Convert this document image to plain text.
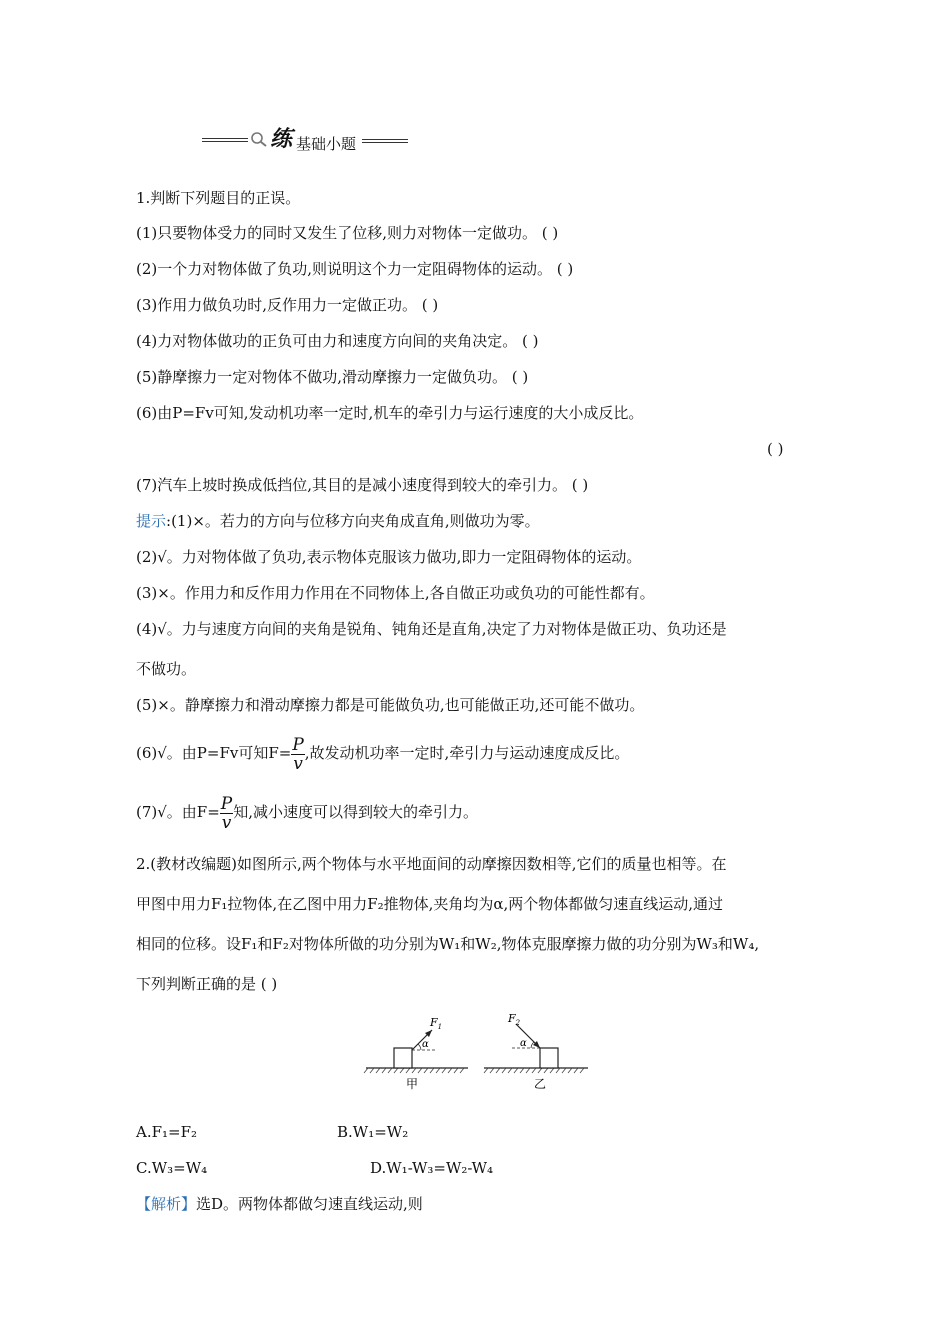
练 基础小题
1.判断下列题目的正误。
(1)只要物体受力的同时又发生了位移,则力对物体一定做功。 ( )
(2)一个力对物体做了负功,则说明这个力一定阻碍物体的运动。 ( )
(3)作用力做负功时,反作用力一定做正功。 ( )
(4)力对物体做功的正负可由力和速度方向间的夹角决定。 ( )
(5)静摩擦力一定对物体不做功,滑动摩擦力一定做负功。 ( )
(6)由P=Fv可知,发动机功率一定时,机车的牵引力与运行速度的大小成反比。
( )
(7)汽车上坡时换成低挡位,其目的是减小速度得到较大的牵引力。 ( )
提示:(1)×。若力的方向与位移方向夹角成直角,则做功为零。
(2)√。力对物体做了负功,表示物体克服该力做功,即力一定阻碍物体的运动。
(3)×。作用力和反作用力作用在不同物体上,各自做正功或负功的可能性都有。
(4)√。力与速度方向间的夹角是锐角、钝角还是直角,决定了力对物体是做正功、负功还是
不做功。
(5)×。静摩擦力和滑动摩擦力都是可能做负功,也可能做正功,还可能不做功。
(6)√。由P=Fv可知$F= \frac{P}{v}$ ,故发动机功率一定时,牵引力与运动速度成反比。
(7)√。由$F= \frac{P}{v}$ 知,减小速度可以得到较大的牵引力。
2.(教材改编题)如图所示,两个物体与水平地面间的动摩擦因数相等,它们的质量也相等。在
甲图中用力F₁拉物体,在乙图中用力F₂推物体,夹角均为α,两个物体都做匀速直线运动,通过
相同的位移。设F₁和F₂对物体所做的功分别为W₁和W₂,物体克服摩擦力做的功分别为W₃和W₄,
下列判断正确的是 ( )
$F_1$
α
$F_2$
α
甲	乙
A.F₁=F₂	B.W₁=W₂
C.W₃=W₄	D.W₁-W₃=W₂-W₄
【解析】选D。两物体都做匀速直线运动,则
